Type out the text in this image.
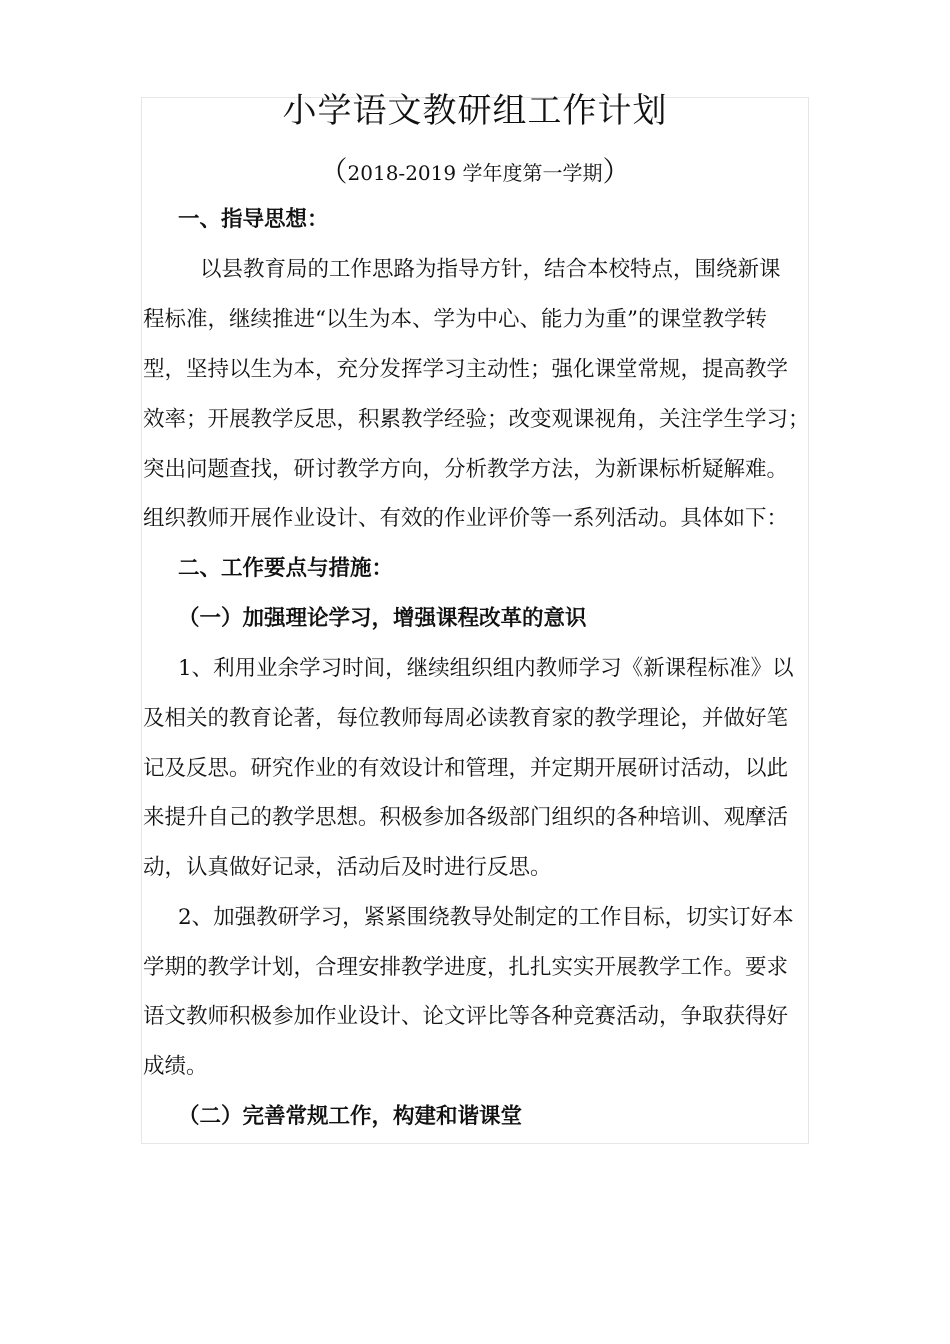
小学语文教研组工作计划

（2018-2019 学年度第一学期）

一、指导思想：

以县教育局的工作思路为指导方针，结合本校特点，围绕新课

程标准，继续推进“以生为本、学为中心、能力为重”的课堂教学转

型，坚持以生为本，充分发挥学习主动性；强化课堂常规，提高教学

效率；开展教学反思，积累教学经验；改变观课视角，关注学生学习；

突出问题查找，研讨教学方向，分析教学方法，为新课标析疑解难。

组织教师开展作业设计、有效的作业评价等一系列活动。具体如下：

二、工作要点与措施：

（一）加强理论学习，增强课程改革的意识

1、利用业余学习时间，继续组织组内教师学习《新课程标准》以

及相关的教育论著，每位教师每周必读教育家的教学理论，并做好笔

记及反思。研究作业的有效设计和管理，并定期开展研讨活动，以此

来提升自己的教学思想。积极参加各级部门组织的各种培训、观摩活

动，认真做好记录，活动后及时进行反思。

2、加强教研学习，紧紧围绕教导处制定的工作目标，切实订好本

学期的教学计划，合理安排教学进度，扎扎实实开展教学工作。要求

语文教师积极参加作业设计、论文评比等各种竞赛活动，争取获得好

成绩。

（二）完善常规工作，构建和谐课堂
